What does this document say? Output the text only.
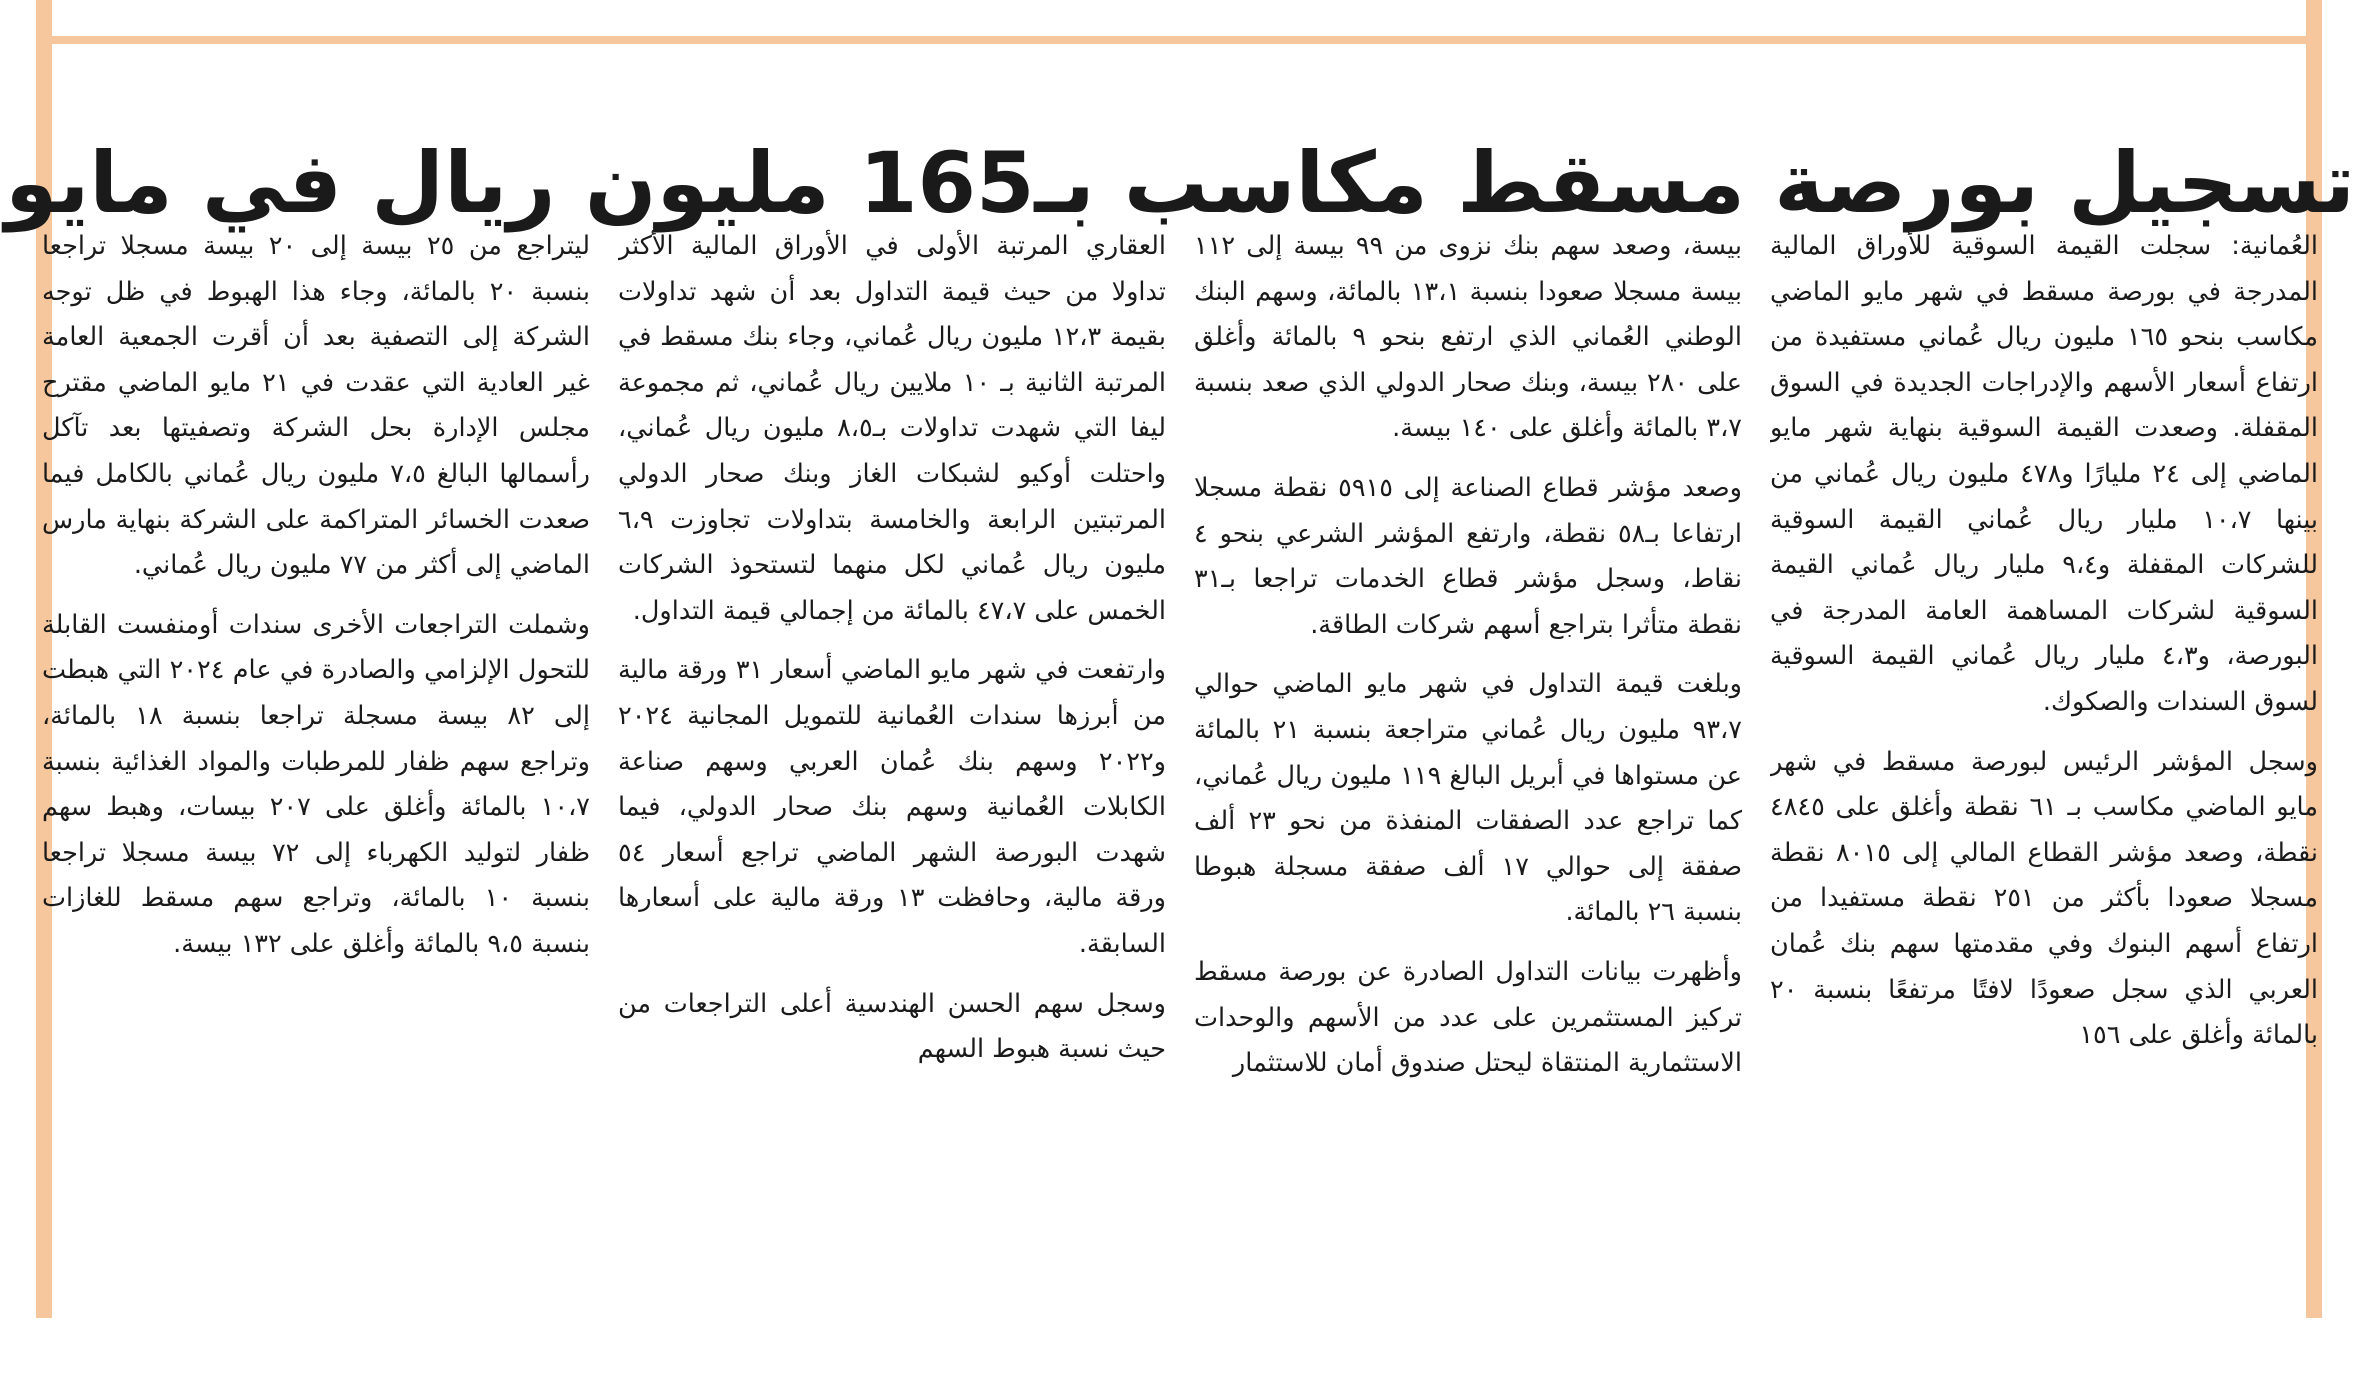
تسجيل بورصة مسقط مكاسب بـ165 مليون ريال في مايو

العُمانية: سجلت القيمة السوقية للأوراق المالية المدرجة في بورصة مسقط في شهر مايو الماضي مكاسب بنحو ١٦٥ مليون ريال عُماني مستفيدة من ارتفاع أسعار الأسهم والإدراجات الجديدة في السوق المقفلة. وصعدت القيمة السوقية بنهاية شهر مايو الماضي إلى ٢٤ مليارًا و٤٧٨ مليون ريال عُماني من بينها ١٠،٧ مليار ريال عُماني القيمة السوقية للشركات المقفلة و٩،٤ مليار ريال عُماني القيمة السوقية لشركات المساهمة العامة المدرجة في البورصة، و٤،٣ مليار ريال عُماني القيمة السوقية لسوق السندات والصكوك.

وسجل المؤشر الرئيس لبورصة مسقط في شهر مايو الماضي مكاسب بـ ٦١ نقطة وأغلق على ٤٨٤٥ نقطة، وصعد مؤشر القطاع المالي إلى ٨٠١٥ نقطة مسجلا صعودا بأكثر من ٢٥١ نقطة مستفيدا من ارتفاع أسهم البنوك وفي مقدمتها سهم بنك عُمان العربي الذي سجل صعودًا لافتًا مرتفعًا بنسبة ٢٠ بالمائة وأغلق على ١٥٦

بيسة، وصعد سهم بنك نزوى من ٩٩ بيسة إلى ١١٢ بيسة مسجلا صعودا بنسبة ١٣،١ بالمائة، وسهم البنك الوطني العُماني الذي ارتفع بنحو ٩ بالمائة وأغلق على ٢٨٠ بيسة، وبنك صحار الدولي الذي صعد بنسبة ٣،٧ بالمائة وأغلق على ١٤٠ بيسة.

وصعد مؤشر قطاع الصناعة إلى ٥٩١٥ نقطة مسجلا ارتفاعا بـ٥٨ نقطة، وارتفع المؤشر الشرعي بنحو ٤ نقاط، وسجل مؤشر قطاع الخدمات تراجعا بـ٣١ نقطة متأثرا بتراجع أسهم شركات الطاقة.

وبلغت قيمة التداول في شهر مايو الماضي حوالي ٩٣،٧ مليون ريال عُماني متراجعة بنسبة ٢١ بالمائة عن مستواها في أبريل البالغ ١١٩ مليون ريال عُماني، كما تراجع عدد الصفقات المنفذة من نحو ٢٣ ألف صفقة إلى حوالي ١٧ ألف صفقة مسجلة هبوطا بنسبة ٢٦ بالمائة.

وأظهرت بيانات التداول الصادرة عن بورصة مسقط تركيز المستثمرين على عدد من الأسهم والوحدات الاستثمارية المنتقاة ليحتل صندوق أمان للاستثمار

العقاري المرتبة الأولى في الأوراق المالية الأكثر تداولا من حيث قيمة التداول بعد أن شهد تداولات بقيمة ١٢،٣ مليون ريال عُماني، وجاء بنك مسقط في المرتبة الثانية بـ ١٠ ملايين ريال عُماني، ثم مجموعة ليفا التي شهدت تداولات بـ٨،٥ مليون ريال عُماني، واحتلت أوكيو لشبكات الغاز وبنك صحار الدولي المرتبتين الرابعة والخامسة بتداولات تجاوزت ٦،٩ مليون ريال عُماني لكل منهما لتستحوذ الشركات الخمس على ٤٧،٧ بالمائة من إجمالي قيمة التداول.

وارتفعت في شهر مايو الماضي أسعار ٣١ ورقة مالية من أبرزها سندات العُمانية للتمويل المجانية ٢٠٢٤ و٢٠٢٢ وسهم بنك عُمان العربي وسهم صناعة الكابلات العُمانية وسهم بنك صحار الدولي، فيما شهدت البورصة الشهر الماضي تراجع أسعار ٥٤ ورقة مالية، وحافظت ١٣ ورقة مالية على أسعارها السابقة.

وسجل سهم الحسن الهندسية أعلى التراجعات من حيث نسبة هبوط السهم

ليتراجع من ٢٥ بيسة إلى ٢٠ بيسة مسجلا تراجعا بنسبة ٢٠ بالمائة، وجاء هذا الهبوط في ظل توجه الشركة إلى التصفية بعد أن أقرت الجمعية العامة غير العادية التي عقدت في ٢١ مايو الماضي مقترح مجلس الإدارة بحل الشركة وتصفيتها بعد تآكل رأسمالها البالغ ٧،٥ مليون ريال عُماني بالكامل فيما صعدت الخسائر المتراكمة على الشركة بنهاية مارس الماضي إلى أكثر من ٧٧ مليون ريال عُماني.

وشملت التراجعات الأخرى سندات أومنفست القابلة للتحول الإلزامي والصادرة في عام ٢٠٢٤ التي هبطت إلى ٨٢ بيسة مسجلة تراجعا بنسبة ١٨ بالمائة، وتراجع سهم ظفار للمرطبات والمواد الغذائية بنسبة ١٠،٧ بالمائة وأغلق على ٢٠٧ بيسات، وهبط سهم ظفار لتوليد الكهرباء إلى ٧٢ بيسة مسجلا تراجعا بنسبة ١٠ بالمائة، وتراجع سهم مسقط للغازات بنسبة ٩،٥ بالمائة وأغلق على ١٣٢ بيسة.
